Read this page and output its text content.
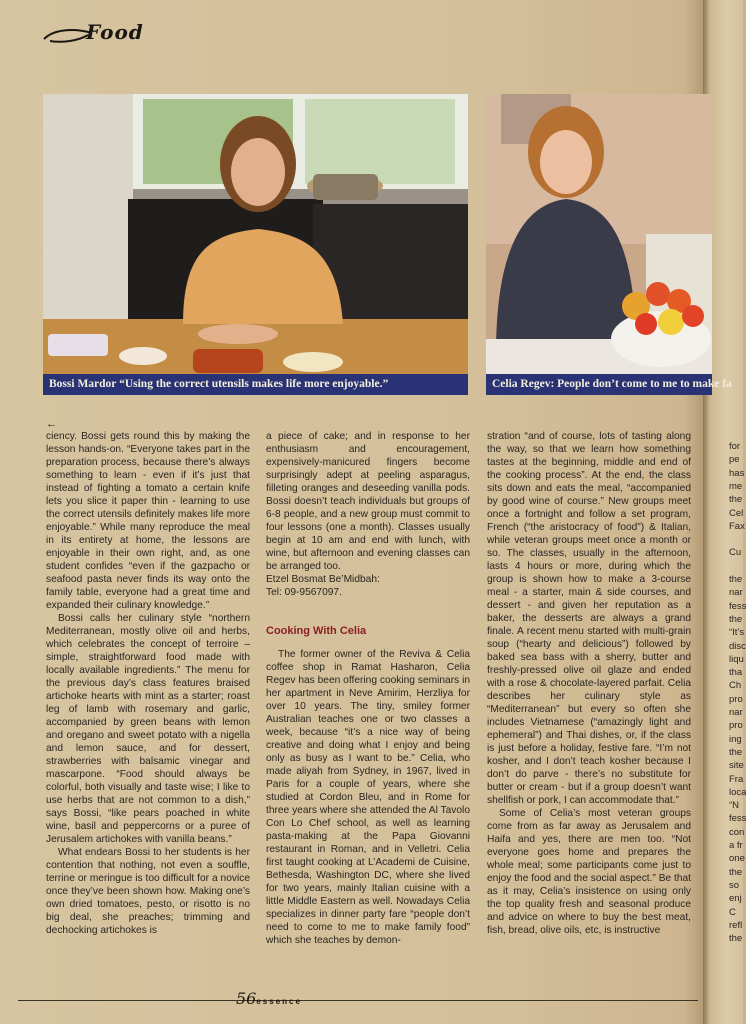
for
pe
has
me
the
Cel
Fax
Cu
the
nar
fess
the
“It’s
disc
liqu
tha
Ch
pro
nar
pro
ing
the
site
Fra
loca
“N
fess
con
a fr
one
the
so
enj
C
refl
the
Food
Bossi Mardor “Using the correct utensils makes life more enjoyable.”	Celia Regev: People don’t come to me to make fa
←

ciency. Bossi gets round this by making the lesson hands-on. “Everyone takes part in the preparation process, because there’s always something to learn - even if it’s just that instead of fighting a tomato a certain knife lets you slice it paper thin - learning to use the correct utensils definitely makes life more enjoyable.” While many reproduce the meal in its entirety at home, the lessons are enjoyable in their own right, and, as one student confides “even if the gazpacho or seafood pasta never finds its way onto the family table, everyone had a great time and expanded their culinary knowledge.”

Bossi calls her culinary style “northern Mediterranean, mostly olive oil and herbs, which celebrates the concept of terroire – simple, straightforward food made with locally available ingredients.” The menu for the previous day’s class features braised artichoke hearts with mint as a starter; roast leg of lamb with rosemary and garlic, accompanied by green beans with lemon and oregano and sweet potato with a nigella and lemon sauce, and for dessert, strawberries with balsamic vinegar and mascarpone. “Food should always be colorful, both visually and taste wise; I like to use herbs that are not common to a dish,” says Bossi, “like pears poached in white wine, basil and peppercorns or a puree of Jerusalem artichokes with vanilla beans.”

What endears Bossi to her students is her contention that nothing, not even a souffle, terrine or meringue is too difficult for a novice once they’ve been shown how. Making one’s own dried tomatoes, pesto, or risotto is no big deal, she preaches; trimming and dechocking artichokes is

a piece of cake; and in response to her enthusiasm and encouragement, expensively-manicured fingers become surprisingly adept at peeling asparagus, filleting oranges and deseeding vanilla pods. Bossi doesn’t teach individuals but groups of 6-8 people, and a new group must commit to four lessons (one a month). Classes usually begin at 10 am and end with lunch, with wine, but afternoon and evening classes can be arranged too.

Etzel Bosmat Be’Midbah:

Tel: 09-9567097.

Cooking With Celia

The former owner of the Reviva & Celia coffee shop in Ramat Hasharon, Celia Regev has been offering cooking seminars in her apartment in Neve Amirim, Herzliya for over 10 years. The tiny, smiley former Australian teaches one or two classes a week, because “it’s a nice way of being creative and doing what I enjoy and being only as busy as I want to be.” Celia, who made aliyah from Sydney, in 1967, lived in Paris for a couple of years, where she studied at Cordon Bleu, and in Rome for three years where she attended the Al Tavolo Con Lo Chef school, as well as learning pasta-making at the Papa Giovanni restaurant in Roman, and in Velletri. Celia first taught cooking at L’Academi de Cuisine, Bethesda, Washington DC, where she lived for two years, mainly Italian cuisine with a little Middle Eastern as well. Nowadays Celia specializes in dinner party fare “people don’t need to come to me to make family food” which she teaches by demon-

stration “and of course, lots of tasting along the way, so that we learn how something tastes at the beginning, middle and end of the cooking process”. At the end, the class sits down and eats the meal, “accompanied by good wine of course.” New groups meet once a fortnight and follow a set program, French (“the aristocracy of food”) & Italian, while veteran groups meet once a month or so. The classes, usually in the afternoon, lasts 4 hours or more, during which the group is shown how to make a 3-course meal - a starter, main & side courses, and dessert - and given her reputation as a baker, the desserts are always a grand finale. A recent menu started with multi-grain soup (“hearty and delicious”) followed by baked sea bass with a sherry, butter and freshly-pressed olive oil glaze and ended with a rose & chocolate-layered parfait. Celia describes her culinary style as “Mediterranean” but every so often she includes Vietnamese (“amazingly light and ephemeral”) and Thai dishes, or, if the class is just before a holiday, festive fare. “I’m not kosher, and I don’t teach kosher because I don’t do parve - there’s no substitute for butter or cream - but if a group doesn’t want shellfish or pork, I can accommodate that.”

Some of Celia’s most veteran groups come from as far away as Jerusalem and Haifa and yes, there are men too. “Not everyone goes home and prepares the whole meal; some participants come just to enjoy the food and the social aspect.” Be that as it may, Celia’s insistence on using only the top quality fresh and seasonal produce and advice on where to buy the best meat, fish, bread, olive oils, etc, is instructive

56essence
